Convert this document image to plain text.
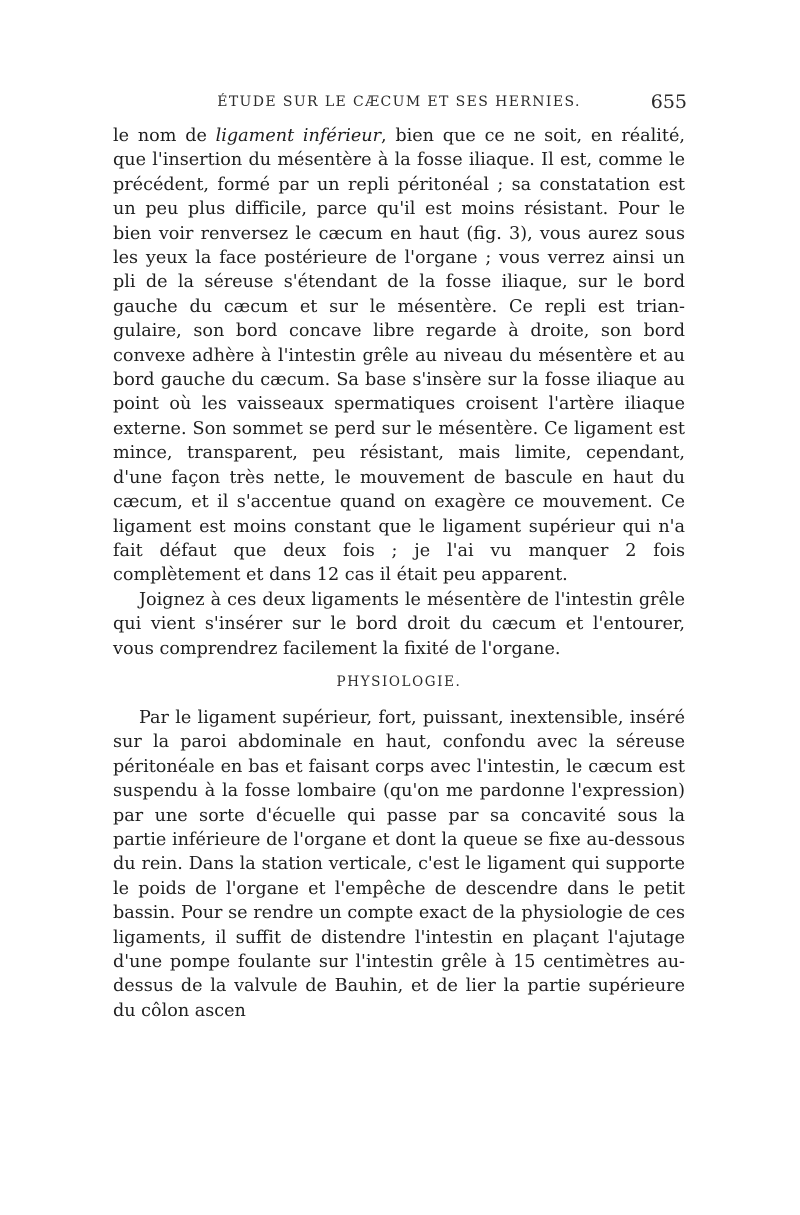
ÉTUDE SUR LE CÆCUM ET SES HERNIES.	655

le nom de ligament inférieur, bien que ce ne soit, en réalité, que l'insertion du mésentère à la fosse iliaque. Il est, comme le précédent, formé par un repli péritonéal ; sa constatation est un peu plus difficile, parce qu'il est moins résistant. Pour le bien voir renversez le cæcum en haut (fig. 3), vous aurez sous les yeux la face postérieure de l'organe ; vous verrez ainsi un pli de la séreuse s'étendant de la fosse iliaque, sur le bord gauche du cæcum et sur le mésentère. Ce repli est triangulaire, son bord concave libre regarde à droite, son bord convexe adhère à l'intestin grêle au niveau du mésentère et au bord gauche du cæcum. Sa base s'insère sur la fosse iliaque au point où les vaisseaux spermatiques croisent l'artère iliaque externe. Son sommet se perd sur le mésentère. Ce ligament est mince, transparent, peu résistant, mais limite, cependant, d'une façon très nette, le mouvement de bascule en haut du cæcum, et il s'accentue quand on exagère ce mouvement. Ce ligament est moins constant que le ligament supérieur qui n'a fait défaut que deux fois ; je l'ai vu manquer 2 fois complètement et dans 12 cas il était peu apparent.

Joignez à ces deux ligaments le mésentère de l'intestin grêle qui vient s'insérer sur le bord droit du cæcum et l'entourer, vous comprendrez facilement la fixité de l'organe.

PHYSIOLOGIE.

Par le ligament supérieur, fort, puissant, inextensible, inséré sur la paroi abdominale en haut, confondu avec la séreuse péritonéale en bas et faisant corps avec l'intestin, le cæcum est suspendu à la fosse lombaire (qu'on me pardonne l'expression) par une sorte d'écuelle qui passe par sa concavité sous la partie inférieure de l'organe et dont la queue se fixe au-dessous du rein. Dans la station verticale, c'est le ligament qui supporte le poids de l'organe et l'empêche de descendre dans le petit bassin. Pour se rendre un compte exact de la physiologie de ces ligaments, il suffit de distendre l'intestin en plaçant l'ajutage d'une pompe foulante sur l'intestin grêle à 15 centimètres au-dessus de la valvule de Bauhin, et de lier la partie supérieure du côlon ascen
